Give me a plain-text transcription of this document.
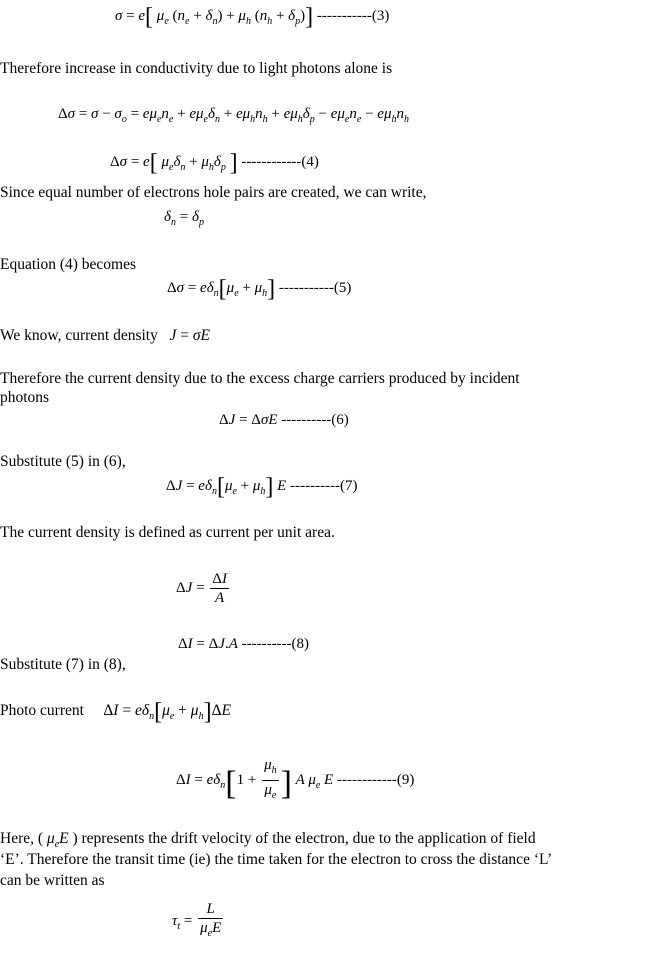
σ = e[ $\mu_e$ $(n_e + \delta_n) + \mu_h$ $(n_h + \delta_p)$] -----------(3)
Therefore increase in conductivity due to light photons alone is
$\Delta\sigma = \sigma - \sigma_o = e\mu_en_e + e\mu_e\delta_n + e\mu_hn_h + e\mu_h\delta_p - e\mu_en_e - e\mu_hn_h$
Δσ = e[ $\mu_e\delta_n + \mu_h\delta_p$ ] ------------(4)
Since equal number of electrons hole pairs are created, we can write,
$\delta_n = \delta_p$
Equation (4) becomes
$\Delta\sigma = e\delta_n[\mu_e + \mu_h]$ -----------(5)
We know, current density J = σE
Therefore the current density due to the excess charge carriers produced by incident
photons
ΔJ = ΔσE ----------(6)
Substitute (5) in (6),
$\Delta J = e\delta_n[\mu_e + \mu_h]$ E ----------(7)
The current density is defined as current per unit area.
$\Delta J = \frac{\Delta I}{A}$
ΔI = ΔJ.A ----------(8)
Substitute (7) in (8),
Photo current     $\Delta I = e\delta_n[\mu_e + \mu_h]\Delta E$
$\Delta I = e\delta_n[1 + \frac{\mu_h}{\mu_e}$ ] A $\mu_e$ E ------------(9)
Here, ( $\mu_eE$ ) represents the drift velocity of the electron, due to the application of field
‘E’. Therefore the transit time (ie) the time taken for the electron to cross the distance ‘L’
can be written as
$\tau_t = \frac{L}{\mu_eE}$
